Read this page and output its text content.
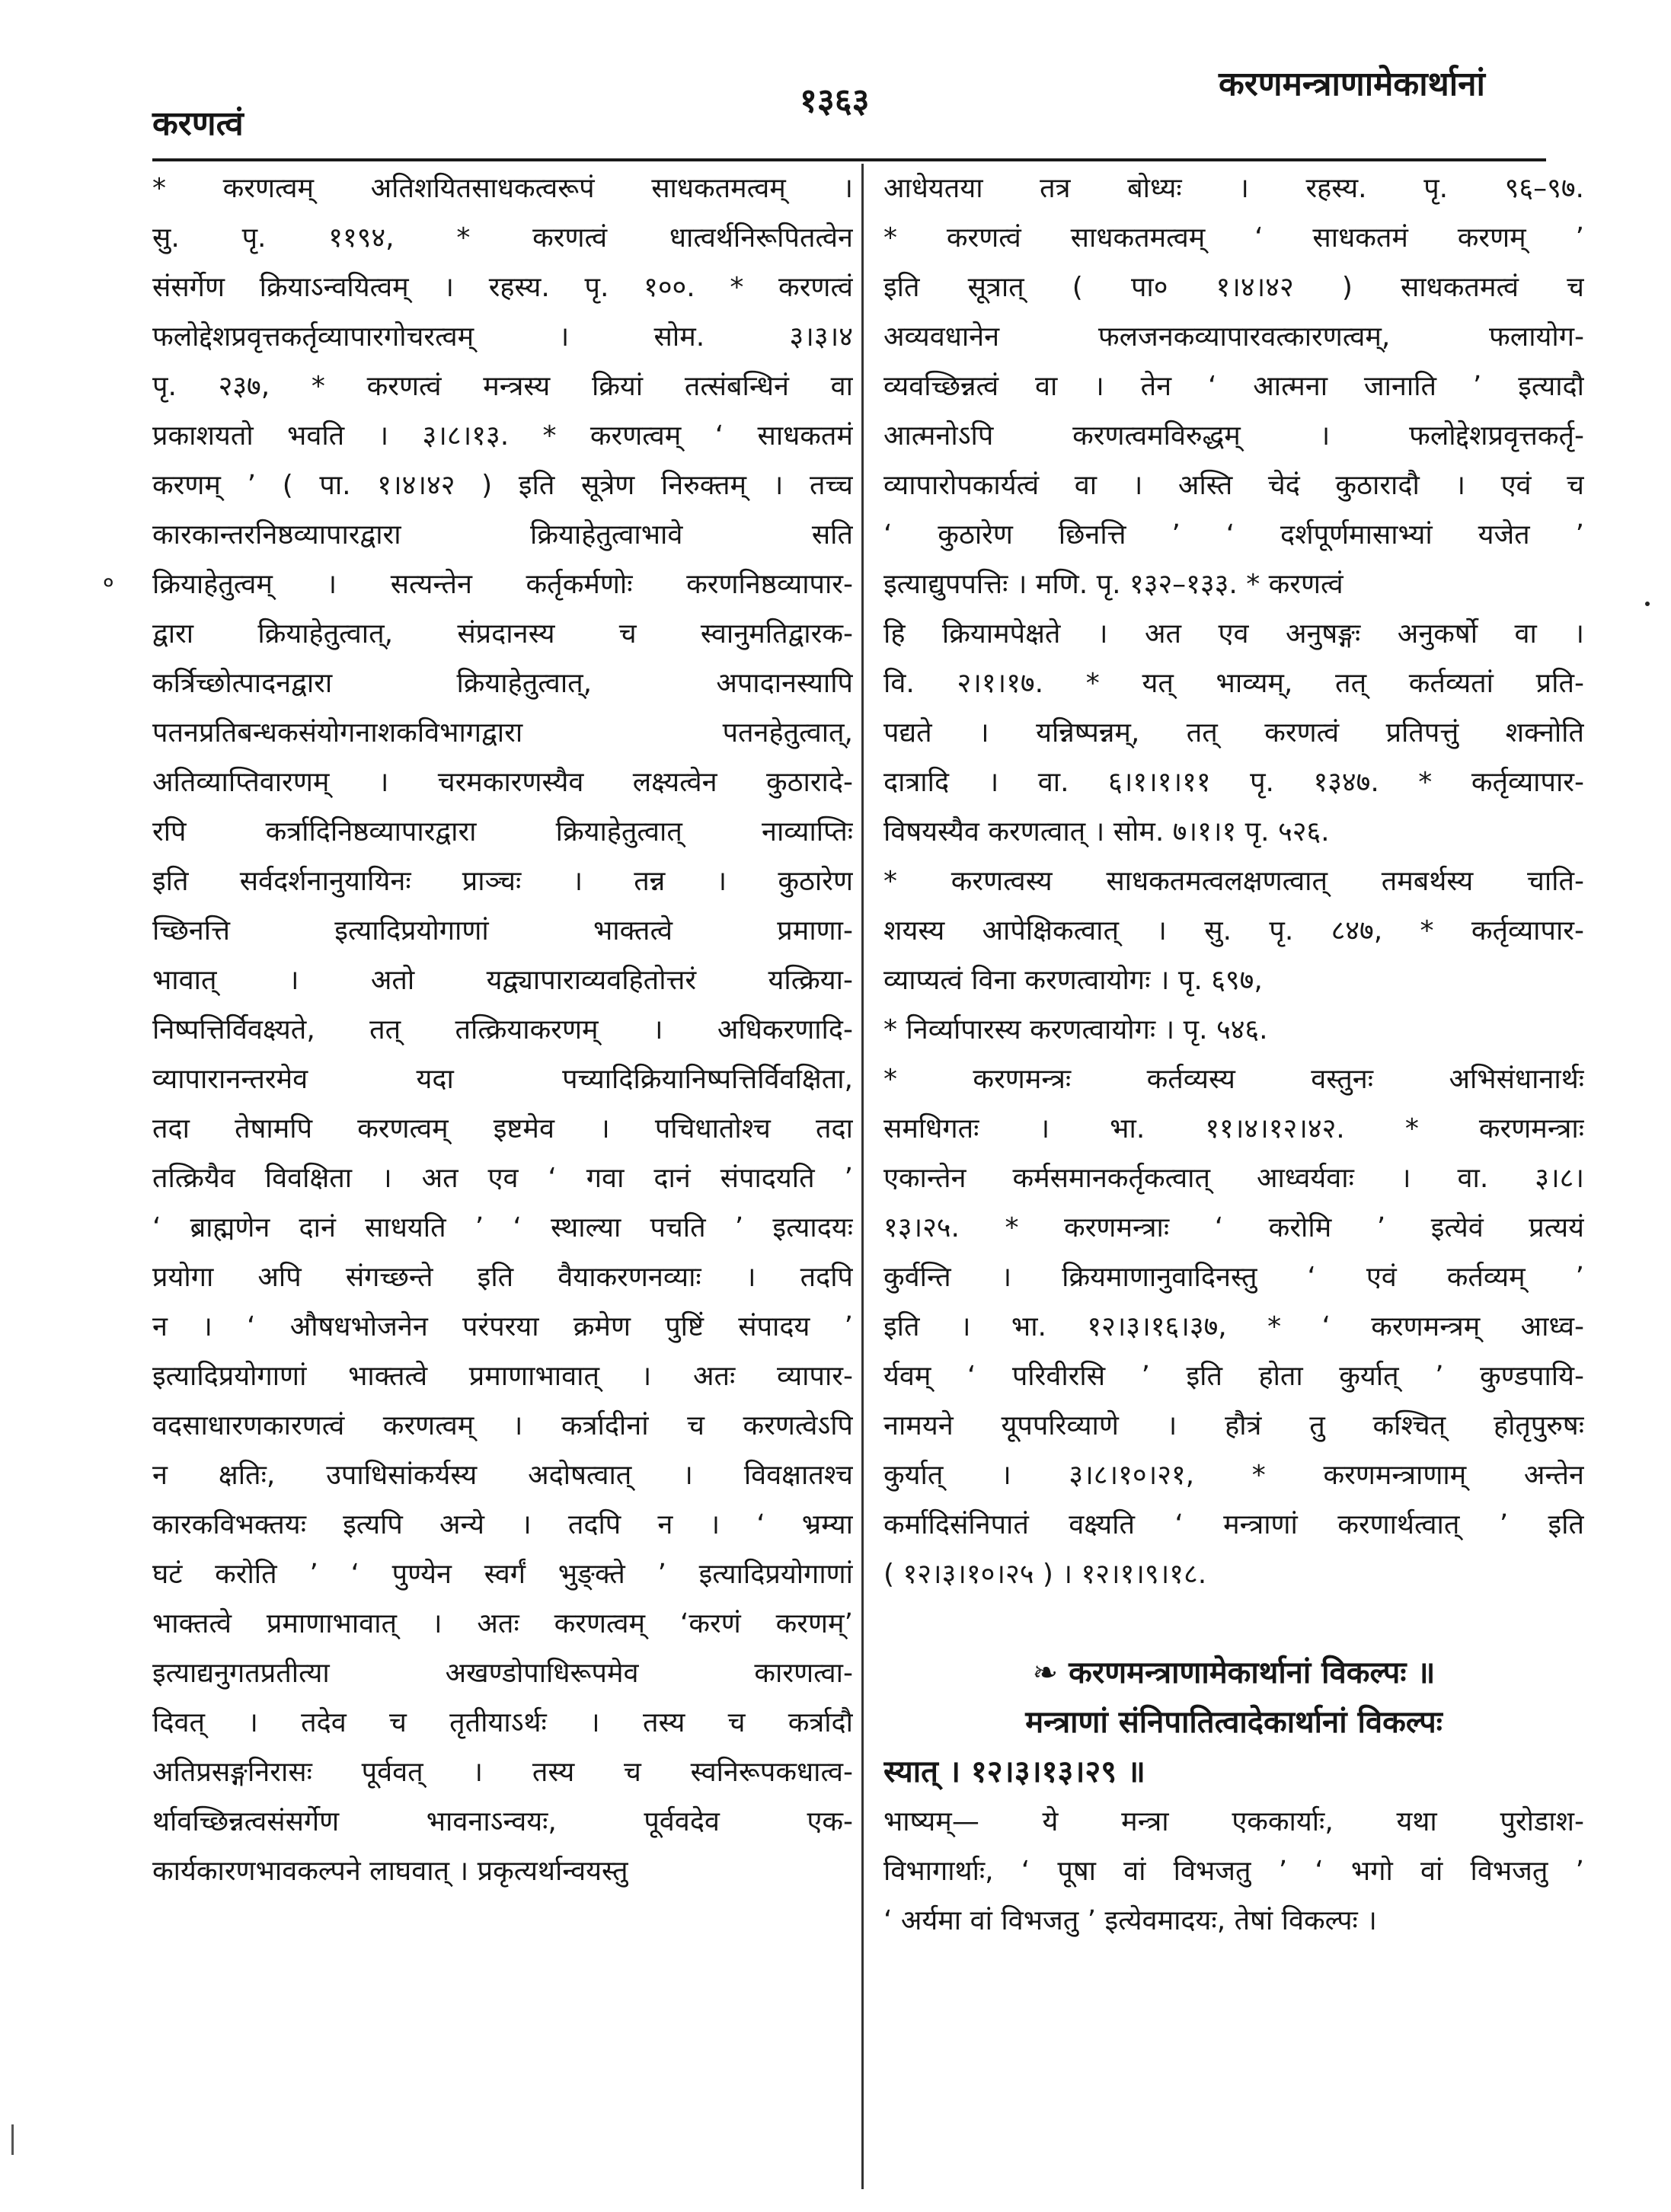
करणत्वं
१३६३	करणमन्त्राणामेकार्थानां
०

* करणत्वम् अतिशयितसाधकत्वरूपं साधकतमत्वम् ।

सु. पृ. ११९४, * करणत्वं धात्वर्थनिरूपितत्वेन

संसर्गेण क्रियाऽन्वयित्वम् । रहस्य. पृ. १००. * करणत्वं

फलोद्देशप्रवृत्तकर्तृव्यापारगोचरत्वम् । सोम. ३।३।४

पृ. २३७, * करणत्वं मन्त्रस्य क्रियां तत्संबन्धिनं वा

प्रकाशयतो भवति । ३।८।१३. * करणत्वम् ‘ साधकतमं

करणम् ’ ( पा. १।४।४२ ) इति सूत्रेण निरुक्तम् । तच्च

कारकान्तरनिष्ठव्यापारद्वारा क्रियाहेतुत्वाभावे सति

क्रियाहेतुत्वम् । सत्यन्तेन कर्तृकर्मणोः करणनिष्ठव्यापार-

द्वारा क्रियाहेतुत्वात्, संप्रदानस्य च स्वानुमतिद्वारक-

कर्त्रिच्छोत्पादनद्वारा क्रियाहेतुत्वात्, अपादानस्यापि

पतनप्रतिबन्धकसंयोगनाशकविभागद्वारा पतनहेतुत्वात्,

अतिव्याप्तिवारणम् । चरमकारणस्यैव लक्ष्यत्वेन कुठारादे-

रपि कर्त्रादिनिष्ठव्यापारद्वारा क्रियाहेतुत्वात् नाव्याप्तिः

इति सर्वदर्शनानुयायिनः प्राञ्चः । तन्न । कुठारेण

च्छिनत्ति इत्यादिप्रयोगाणां भाक्तत्वे प्रमाणा-

भावात् । अतो यद्व्यापाराव्यवहितोत्तरं यत्क्रिया-

निष्पत्तिर्विवक्ष्यते, तत् तत्क्रियाकरणम् । अधिकरणादि-

व्यापारानन्तरमेव यदा पच्यादिक्रियानिष्पत्तिर्विवक्षिता,

तदा तेषामपि करणत्वम् इष्टमेव । पचिधातोश्च तदा

तत्क्रियैव विवक्षिता । अत एव ‘ गवा दानं संपादयति ’

‘ ब्राह्मणेन दानं साधयति ’ ‘ स्थाल्या पचति ’ इत्यादयः

प्रयोगा अपि संगच्छन्ते इति वैयाकरणनव्याः । तदपि

न । ‘ औषधभोजनेन परंपरया क्रमेण पुष्टिं संपादय ’

इत्यादिप्रयोगाणां भाक्तत्वे प्रमाणाभावात् । अतः व्यापार-

वदसाधारणकारणत्वं करणत्वम् । कर्त्रादीनां च करणत्वेऽपि

न क्षतिः, उपाधिसांकर्यस्य अदोषत्वात् । विवक्षातश्च

कारकविभक्तयः इत्यपि अन्ये । तदपि न । ‘ भ्रम्या

घटं करोति ’ ‘ पुण्येन स्वर्गं भुङ्क्ते ’ इत्यादिप्रयोगाणां

भाक्तत्वे प्रमाणाभावात् । अतः करणत्वम् ‘करणं करणम्’

इत्याद्यनुगतप्रतीत्या अखण्डोपाधिरूपमेव कारणत्वा-

दिवत् । तदेव च तृतीयाऽर्थः । तस्य च कर्त्रादौ

अतिप्रसङ्गनिरासः पूर्ववत् । तस्य च स्वनिरूपकधात्व-

र्थावच्छिन्नत्वसंसर्गेण भावनाऽन्वयः, पूर्ववदेव एक-

कार्यकारणभावकल्पने लाघवात् । प्रकृत्यर्थान्वयस्तु

आधेयतया तत्र बोध्यः । रहस्य. पृ. ९६–९७.

* करणत्वं साधकतमत्वम् ‘ साधकतमं करणम् ’

इति सूत्रात् ( पा० १।४।४२ ) साधकतमत्वं च

अव्यवधानेन फलजनकव्यापारवत्कारणत्वम्, फलायोग-

व्यवच्छिन्नत्वं वा । तेन ‘ आत्मना जानाति ’ इत्यादौ

आत्मनोऽपि करणत्वमविरुद्धम् । फलोद्देशप्रवृत्तकर्तृ-

व्यापारोपकार्यत्वं वा । अस्ति चेदं कुठारादौ । एवं च

‘ कुठारेण छिनत्ति ’ ‘ दर्शपूर्णमासाभ्यां यजेत ’

इत्याद्युपपत्तिः । मणि. पृ. १३२–१३३. * करणत्वं

हि क्रियामपेक्षते । अत एव अनुषङ्गः अनुकर्षो वा ।

वि. २।१।१७. * यत् भाव्यम्, तत् कर्तव्यतां प्रति-

पद्यते । यन्निष्पन्नम्, तत् करणत्वं प्रतिपत्तुं शक्नोति

दात्रादि । वा. ६।१।१।११ पृ. १३४७. * कर्तृव्यापार-

विषयस्यैव करणत्वात् । सोम. ७।१।१ पृ. ५२६.

* करणत्वस्य साधकतमत्वलक्षणत्वात् तमबर्थस्य चाति-

शयस्य आपेक्षिकत्वात् । सु. पृ. ८४७, * कर्तृव्यापार-

व्याप्यत्वं विना करणत्वायोगः । पृ. ६९७,

* निर्व्यापारस्य करणत्वायोगः । पृ. ५४६.

* करणमन्त्रः कर्तव्यस्य वस्तुनः अभिसंधानार्थः

समधिगतः । भा. ११।४।१२।४२. * करणमन्त्राः

एकान्तेन कर्मसमानकर्तृकत्वात् आध्वर्यवाः । वा. ३।८।

१३।२५. * करणमन्त्राः ‘ करोमि ’ इत्येवं प्रत्ययं

कुर्वन्ति । क्रियमाणानुवादिनस्तु ‘ एवं कर्तव्यम् ’

इति । भा. १२।३।१६।३७, * ‘ करणमन्त्रम् आध्व-

र्यवम् ‘ परिवीरसि ’ इति होता कुर्यात् ’ कुण्डपायि-

नामयने यूपपरिव्याणे । हौत्रं तु कश्चित् होतृपुरुषः

कुर्यात् । ३।८।१०।२१, * करणमन्त्राणाम् अन्तेन

कर्मादिसंनिपातं वक्ष्यति ‘ मन्त्राणां करणार्थत्वात् ’ इति

( १२।३।१०।२५ ) । १२।१।९।१८.

❧ करणमन्त्राणामेकार्थानां विकल्पः ॥

मन्त्राणां संनिपातित्वादेकार्थानां विकल्पः

स्यात् । १२।३।१३।२९ ॥

भाष्यम्— ये मन्त्रा एककार्याः, यथा पुरोडाश-

विभागार्थाः, ‘ पूषा वां विभजतु ’ ‘ भगो वां विभजतु ’

‘ अर्यमा वां विभजतु ’ इत्येवमादयः, तेषां विकल्पः ।
